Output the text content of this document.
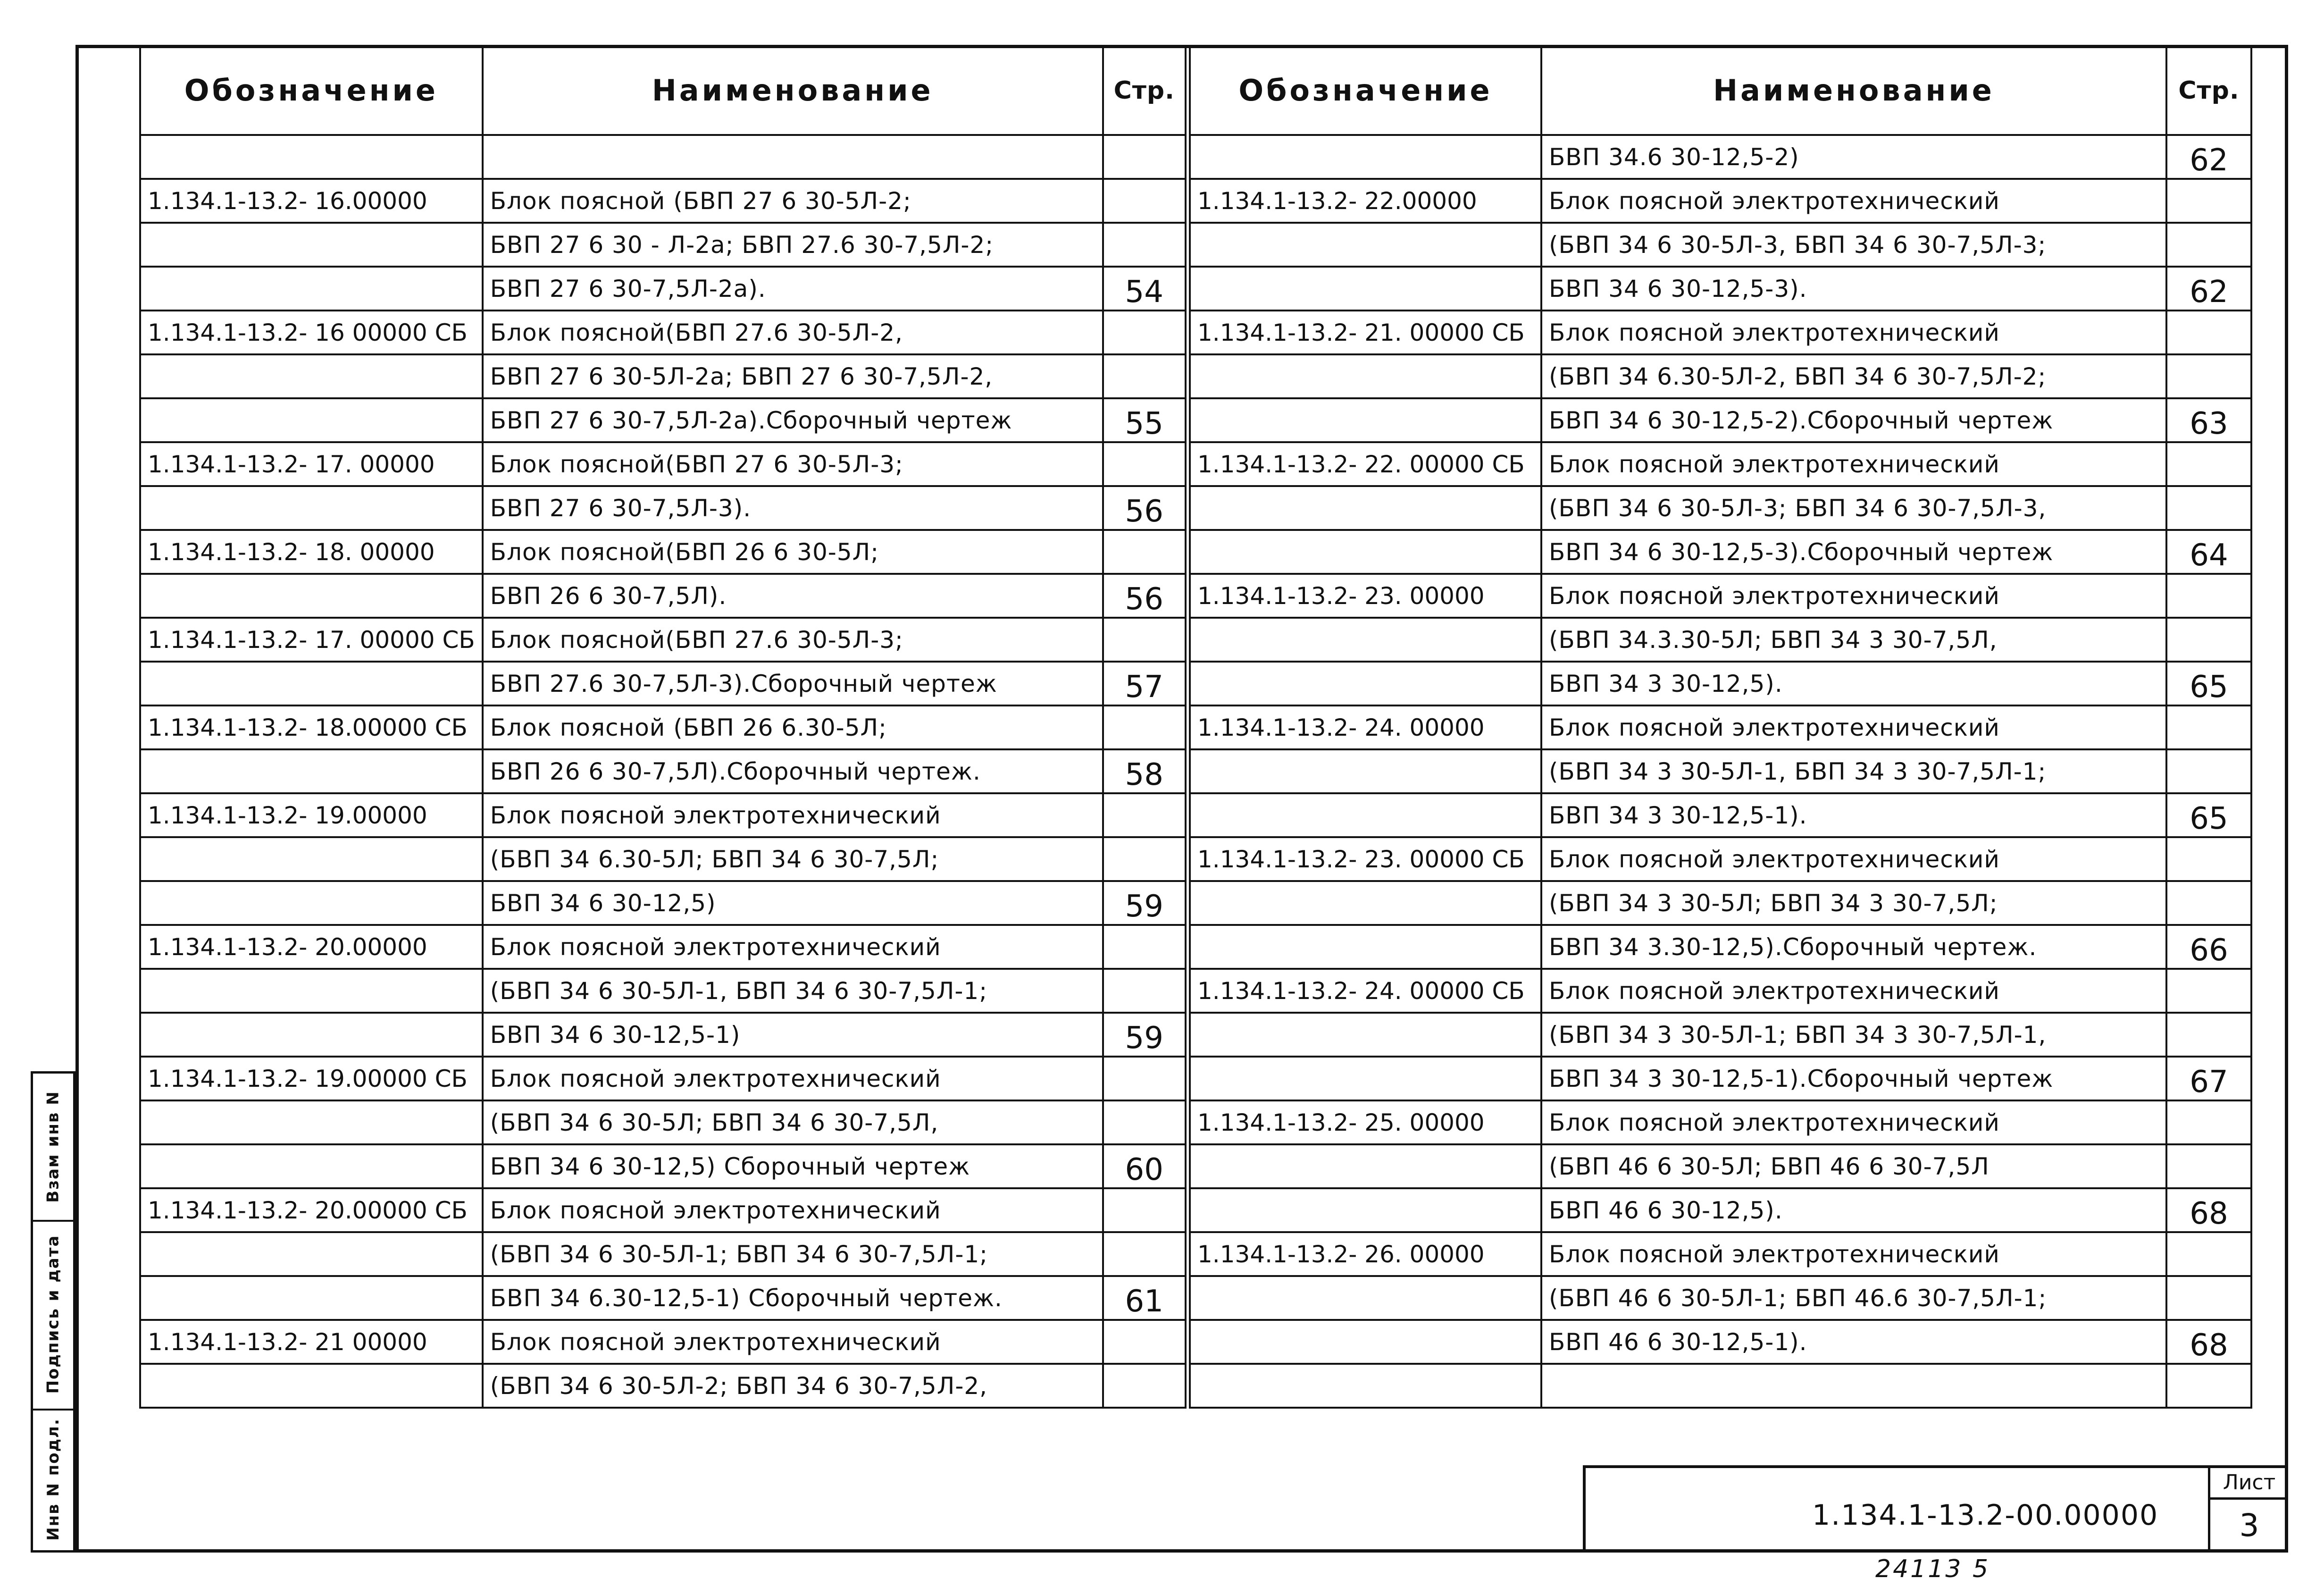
Взам инв N
Подпись и дата
Инв N подл.
Обозначение	Наименование	Стр.

1.134.1-13.2- 16.00000	Блок поясной (БВП 27 6 30-5Л-2;	
	БВП 27 6 30 - Л-2а; БВП 27.6 30-7,5Л-2;	
	БВП 27 6 30-7,5Л-2а).	54
1.134.1-13.2- 16 00000 СБ	Блок поясной(БВП 27.6 30-5Л-2,	
	БВП 27 6 30-5Л-2а; БВП 27 6 30-7,5Л-2,	
	БВП 27 6 30-7,5Л-2а).Сборочный чертеж	55
1.134.1-13.2- 17. 00000	Блок поясной(БВП 27 6 30-5Л-3;	
	БВП 27 6 30-7,5Л-3).	56
1.134.1-13.2- 18. 00000	Блок поясной(БВП 26 6 30-5Л;	
	БВП 26 6 30-7,5Л).	56
1.134.1-13.2- 17. 00000 СБ	Блок поясной(БВП 27.6 30-5Л-3;	
	БВП 27.6 30-7,5Л-3).Сборочный чертеж	57
1.134.1-13.2- 18.00000 СБ	Блок поясной (БВП 26 6.30-5Л;	
	БВП 26 6 30-7,5Л).Сборочный чертеж.	58
1.134.1-13.2- 19.00000	Блок поясной электротехнический	
	(БВП 34 6.30-5Л; БВП 34 6 30-7,5Л;	
	БВП 34 6 30-12,5)	59
1.134.1-13.2- 20.00000	Блок поясной электротехнический	
	(БВП 34 6 30-5Л-1, БВП 34 6 30-7,5Л-1;	
	БВП 34 6 30-12,5-1)	59
1.134.1-13.2- 19.00000 СБ	Блок поясной электротехнический	
	(БВП 34 6 30-5Л; БВП 34 6 30-7,5Л,	
	БВП 34 6 30-12,5) Сборочный чертеж	60
1.134.1-13.2- 20.00000 СБ	Блок поясной электротехнический	
	(БВП 34 6 30-5Л-1; БВП 34 6 30-7,5Л-1;	
	БВП 34 6.30-12,5-1) Сборочный чертеж.	61
1.134.1-13.2- 21 00000	Блок поясной электротехнический	
	(БВП 34 6 30-5Л-2; БВП 34 6 30-7,5Л-2,	
Обозначение	Наименование	Стр.
	БВП 34.6 30-12,5-2)	62
1.134.1-13.2- 22.00000	Блок поясной электротехнический	
	(БВП 34 6 30-5Л-3, БВП 34 6 30-7,5Л-3;	
	БВП 34 6 30-12,5-3).	62
1.134.1-13.2- 21. 00000 СБ	Блок поясной электротехнический	
	(БВП 34 6.30-5Л-2, БВП 34 6 30-7,5Л-2;	
	БВП 34 6 30-12,5-2).Сборочный чертеж	63
1.134.1-13.2- 22. 00000 СБ	Блок поясной электротехнический	
	(БВП 34 6 30-5Л-3; БВП 34 6 30-7,5Л-3,	
	БВП 34 6 30-12,5-3).Сборочный чертеж	64
1.134.1-13.2- 23. 00000	Блок поясной электротехнический	
	(БВП 34.3.30-5Л; БВП 34 3 30-7,5Л,	
	БВП 34 3 30-12,5).	65
1.134.1-13.2- 24. 00000	Блок поясной электротехнический	
	(БВП 34 3 30-5Л-1, БВП 34 3 30-7,5Л-1;	
	БВП 34 3 30-12,5-1).	65
1.134.1-13.2- 23. 00000 СБ	Блок поясной электротехнический	
	(БВП 34 3 30-5Л; БВП 34 3 30-7,5Л;	
	БВП 34 3.30-12,5).Сборочный чертеж.	66
1.134.1-13.2- 24. 00000 СБ	Блок поясной электротехнический	
	(БВП 34 3 30-5Л-1; БВП 34 3 30-7,5Л-1,	
	БВП 34 3 30-12,5-1).Сборочный чертеж	67
1.134.1-13.2- 25. 00000	Блок поясной электротехнический	
	(БВП 46 6 30-5Л; БВП 46 6 30-7,5Л	
	БВП 46 6 30-12,5).	68
1.134.1-13.2- 26. 00000	Блок поясной электротехнический	
	(БВП 46 6 30-5Л-1; БВП 46.6 30-7,5Л-1;	
	БВП 46 6 30-12,5-1).	68

1.134.1-13.2-00.00000
Лист
3
24113 5
